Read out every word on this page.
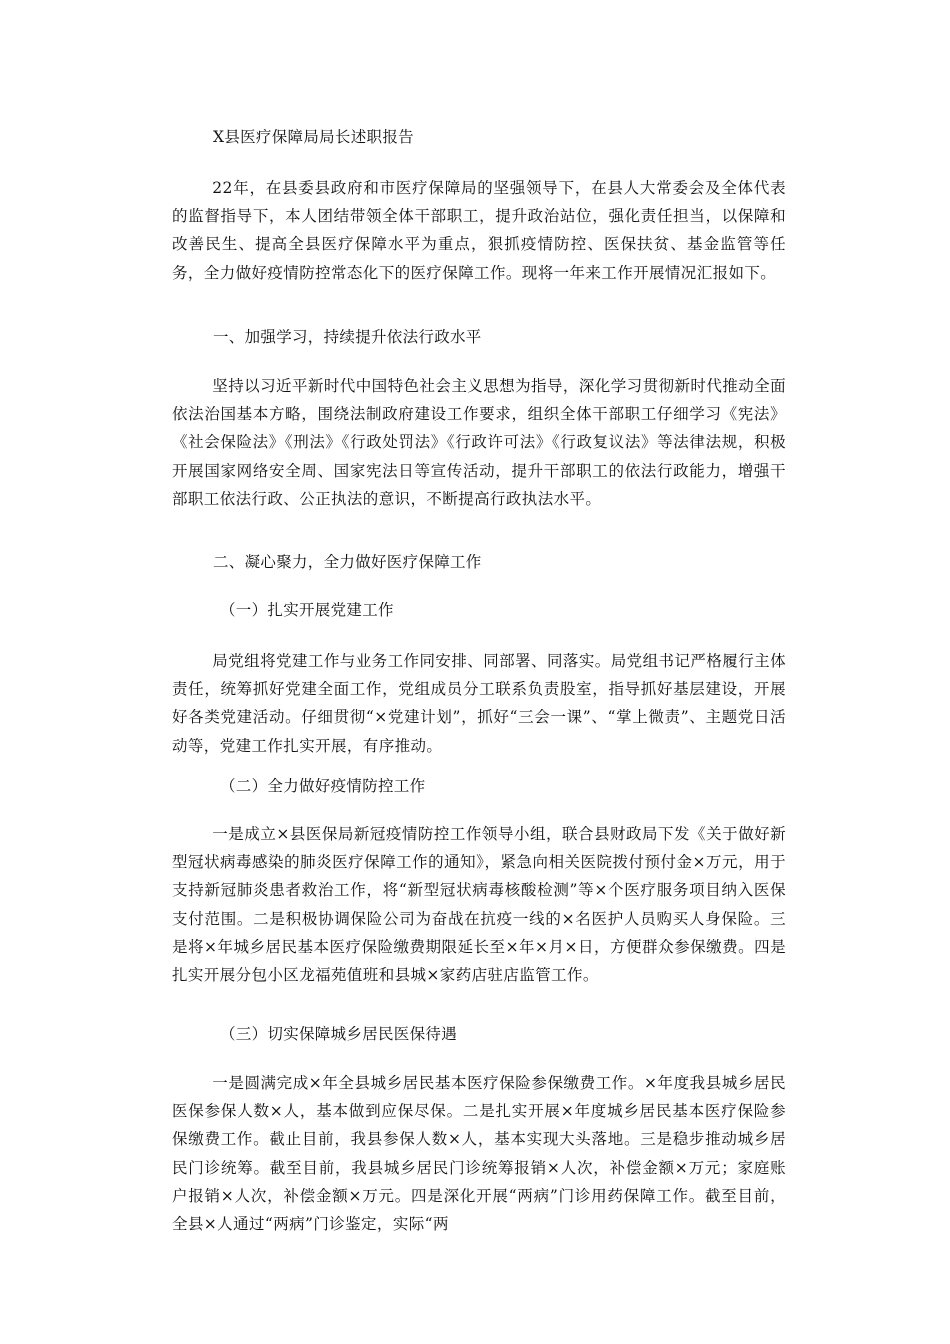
X县医疗保障局局长述职报告
22年，在县委县政府和市医疗保障局的坚强领导下，在县人大常委会及全体代表的监督指导下，本人团结带领全体干部职工，提升政治站位，强化责任担当，以保障和改善民生、提高全县医疗保障水平为重点，狠抓疫情防控、医保扶贫、基金监管等任务，全力做好疫情防控常态化下的医疗保障工作。现将一年来工作开展情况汇报如下。
一、加强学习，持续提升依法行政水平
坚持以习近平新时代中国特色社会主义思想为指导，深化学习贯彻新时代推动全面依法治国基本方略，围绕法制政府建设工作要求，组织全体干部职工仔细学习《宪法》《社会保险法》《刑法》《行政处罚法》《行政许可法》《行政复议法》等法律法规，积极开展国家网络安全周、国家宪法日等宣传活动，提升干部职工的依法行政能力，增强干部职工依法行政、公正执法的意识，不断提高行政执法水平。
二、凝心聚力，全力做好医疗保障工作
（一）扎实开展党建工作
局党组将党建工作与业务工作同安排、同部署、同落实。局党组书记严格履行主体责任，统筹抓好党建全面工作，党组成员分工联系负责股室，指导抓好基层建设，开展好各类党建活动。仔细贯彻“×党建计划”，抓好“三会一课”、“掌上微责”、主题党日活动等，党建工作扎实开展，有序推动。
（二）全力做好疫情防控工作
一是成立×县医保局新冠疫情防控工作领导小组，联合县财政局下发《关于做好新型冠状病毒感染的肺炎医疗保障工作的通知》，紧急向相关医院拨付预付金×万元，用于支持新冠肺炎患者救治工作，将“新型冠状病毒核酸检测”等×个医疗服务项目纳入医保支付范围。二是积极协调保险公司为奋战在抗疫一线的×名医护人员购买人身保险。三是将×年城乡居民基本医疗保险缴费期限延长至×年×月×日，方便群众参保缴费。四是扎实开展分包小区龙福苑值班和县城×家药店驻店监管工作。
（三）切实保障城乡居民医保待遇
一是圆满完成×年全县城乡居民基本医疗保险参保缴费工作。×年度我县城乡居民医保参保人数×人，基本做到应保尽保。二是扎实开展×年度城乡居民基本医疗保险参保缴费工作。截止目前，我县参保人数×人，基本实现大头落地。三是稳步推动城乡居民门诊统筹。截至目前，我县城乡居民门诊统筹报销×人次，补偿金额×万元；家庭账户报销×人次，补偿金额×万元。四是深化开展“两病”门诊用药保障工作。截至目前，全县×人通过“两病”门诊鉴定，实际“两
